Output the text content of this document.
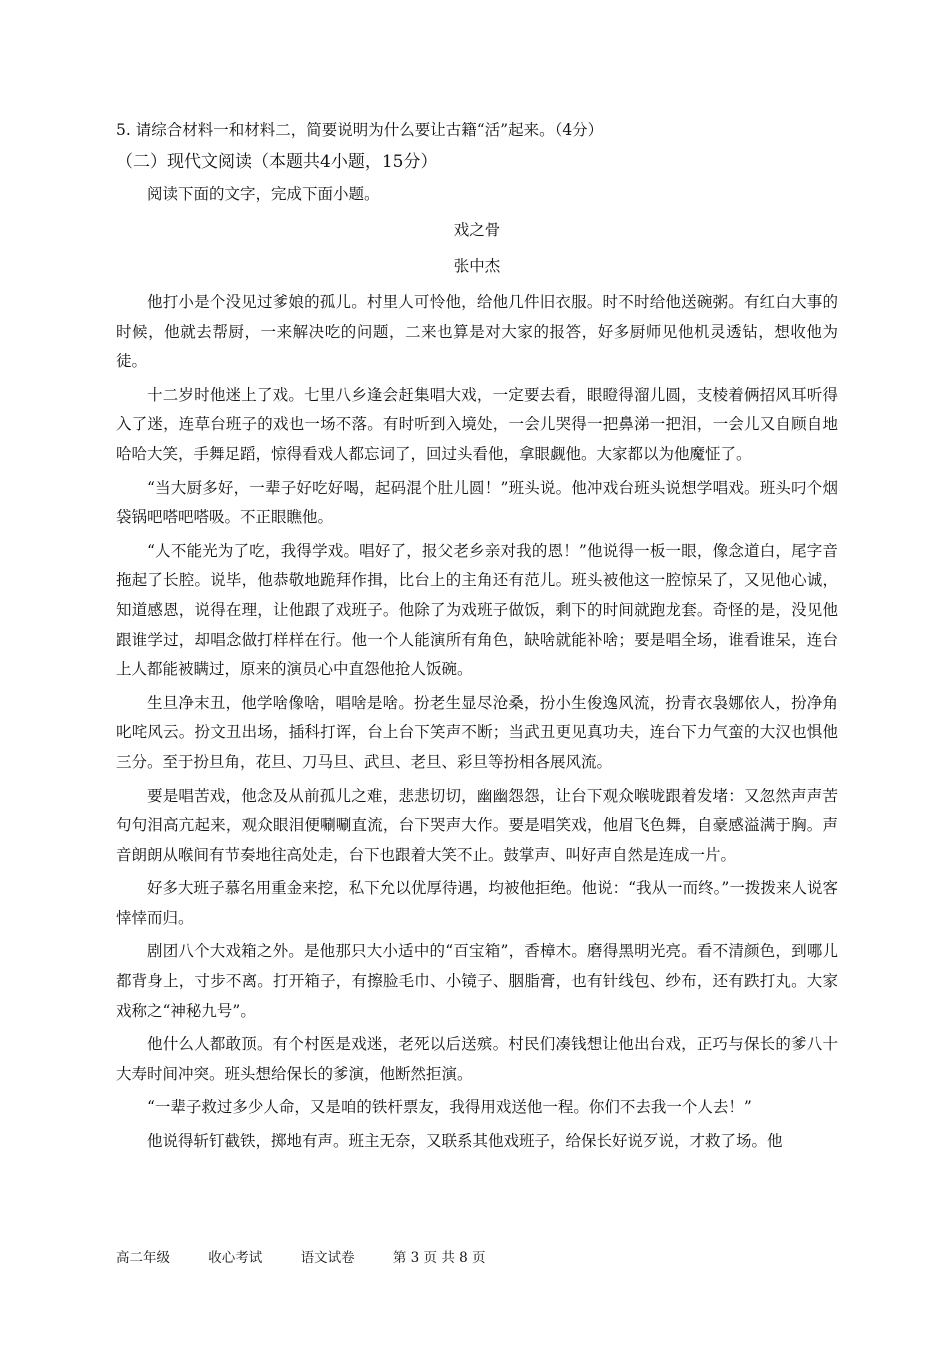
5. 请综合材料一和材料二，简要说明为什么要让古籍“活”起来。（4分）

（二）现代文阅读（本题共4小题，15分）

阅读下面的文字，完成下面小题。

戏之骨

张中杰

他打小是个没见过爹娘的孤儿。村里人可怜他，给他几件旧衣服。时不时给他送碗粥。有红白大事的时候，他就去帮厨，一来解决吃的问题，二来也算是对大家的报答，好多厨师见他机灵透钻，想收他为徒。

十二岁时他迷上了戏。七里八乡逢会赶集唱大戏，一定要去看，眼瞪得溜儿圆，支棱着俩招风耳听得入了迷，连草台班子的戏也一场不落。有时听到入境处，一会儿哭得一把鼻涕一把泪，一会儿又自顾自地哈哈大笑，手舞足蹈，惊得看戏人都忘词了，回过头看他，拿眼觑他。大家都以为他魔怔了。

“当大厨多好，一辈子好吃好喝，起码混个肚儿圆！”班头说。他冲戏台班头说想学唱戏。班头叼个烟袋锅吧嗒吧嗒吸。不正眼瞧他。

“人不能光为了吃，我得学戏。唱好了，报父老乡亲对我的恩！”他说得一板一眼，像念道白，尾字音拖起了长腔。说毕，他恭敬地跪拜作揖，比台上的主角还有范儿。班头被他这一腔惊呆了，又见他心诚，知道感恩，说得在理，让他跟了戏班子。他除了为戏班子做饭，剩下的时间就跑龙套。奇怪的是，没见他跟谁学过，却唱念做打样样在行。他一个人能演所有角色，缺啥就能补啥；要是唱全场，谁看谁呆，连台上人都能被瞒过，原来的演员心中直怨他抢人饭碗。

生旦净末丑，他学啥像啥，唱啥是啥。扮老生显尽沧桑，扮小生俊逸风流，扮青衣袅娜依人，扮净角叱咤风云。扮文丑出场，插科打诨，台上台下笑声不断；当武丑更见真功夫，连台下力气蛮的大汉也惧他三分。至于扮旦角，花旦、刀马旦、武旦、老旦、彩旦等扮相各展风流。

要是唱苦戏，他念及从前孤儿之难，悲悲切切，幽幽怨怨，让台下观众喉咙跟着发堵：又忽然声声苦句句泪高亢起来，观众眼泪便唰唰直流，台下哭声大作。要是唱笑戏，他眉飞色舞，自豪感溢满于胸。声音朗朗从喉间有节奏地往高处走，台下也跟着大笑不止。鼓掌声、叫好声自然是连成一片。

好多大班子慕名用重金来挖，私下允以优厚待遇，均被他拒绝。他说：“我从一而终。”一拨拨来人说客悻悻而归。

剧团八个大戏箱之外。是他那只大小适中的“百宝箱”，香樟木。磨得黑明光亮。看不清颜色，到哪儿都背身上，寸步不离。打开箱子，有擦脸毛巾、小镜子、胭脂膏，也有针线包、纱布，还有跌打丸。大家戏称之“神秘九号”。

他什么人都敢顶。有个村医是戏迷，老死以后送殡。村民们凑钱想让他出台戏，正巧与保长的爹八十大寿时间冲突。班头想给保长的爹演，他断然拒演。

“一辈子救过多少人命，又是咱的铁杆票友，我得用戏送他一程。你们不去我一个人去！”

他说得斩钉截铁，掷地有声。班主无奈，又联系其他戏班子，给保长好说歹说，才救了场。他

高二年级	收心考试	语文试卷	第 3 页 共 8 页
